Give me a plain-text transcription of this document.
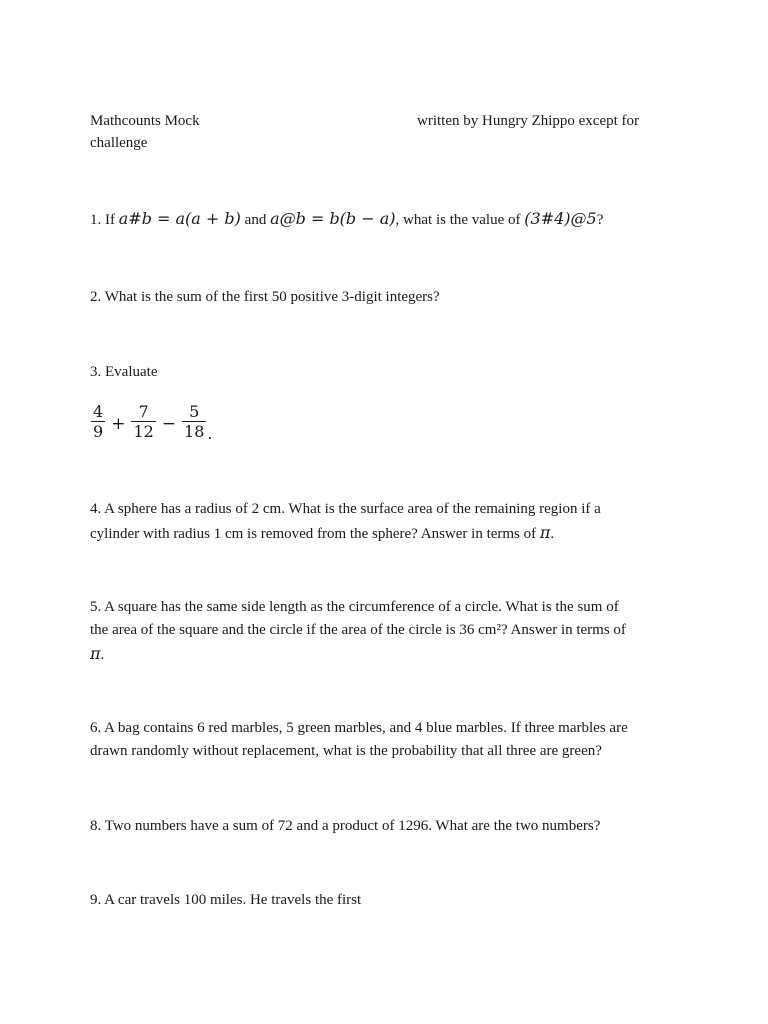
Mathcounts Mock	written by Hungry Zhippo except for
challenge
1. If a#b = a(a + b) and a@b = b(b − a), what is the value of (3#4)@5?
2. What is the sum of the first 50 positive 3-digit integers?
3. Evaluate
$\frac{4}{9} + \frac{7}{12} - \frac{5}{18}$ .
4. A sphere has a radius of 2 cm. What is the surface area of the remaining region if a
cylinder with radius 1 cm is removed from the sphere? Answer in terms of π.
5. A square has the same side length as the circumference of a circle. What is the sum of
the area of the square and the circle if the area of the circle is 36 cm²? Answer in terms of
π.
6. A bag contains 6 red marbles, 5 green marbles, and 4 blue marbles. If three marbles are
drawn randomly without replacement, what is the probability that all three are green?
8. Two numbers have a sum of 72 and a product of 1296. What are the two numbers?
9. A car travels 100 miles. He travels the first
